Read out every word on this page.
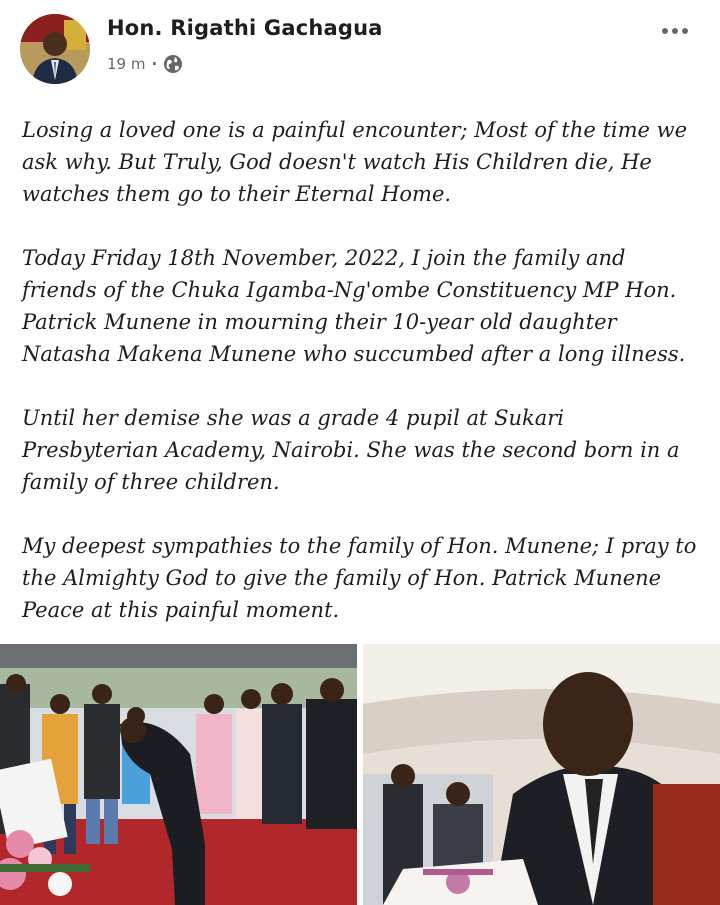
Hon. Rigathi Gachagua
19 m ·

Losing a loved one is a painful encounter; Most of the time we ask why. But Truly, God doesn't watch His Children die, He watches them go to their Eternal Home.

Today Friday 18th November, 2022, I join the family and friends of the Chuka Igamba-Ng'ombe Constituency MP Hon. Patrick Munene in mourning their 10-year old daughter Natasha Makena Munene who succumbed after a long illness.

Until her demise she was a grade 4 pupil at Sukari Presbyterian Academy, Nairobi. She was the second born in a family of three children.

My deepest sympathies to the family of Hon. Munene; I pray to the Almighty God to give the family of Hon. Patrick Munene Peace at this painful moment.
